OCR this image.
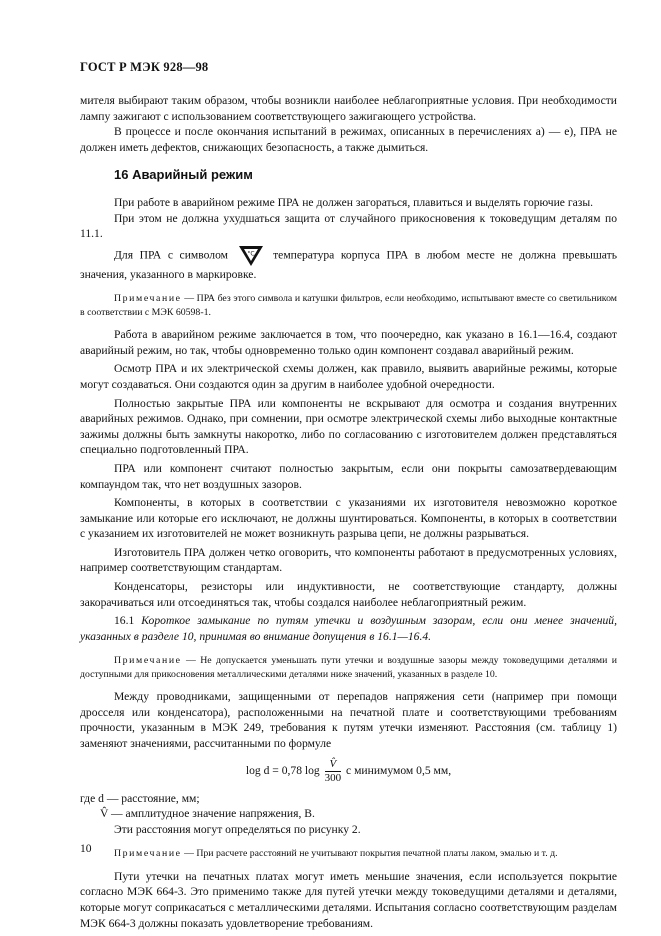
ГОСТ Р МЭК 928—98

мителя выбирают таким образом, чтобы возникли наиболее неблагоприятные условия. При необходимости лампу зажигают с использованием соответствующего зажигающего устройства.

В процессе и после окончания испытаний в режимах, описанных в перечислениях а) — е), ПРА не должен иметь дефектов, снижающих безопасность, а также дымиться.

16 Аварийный режим

При работе в аварийном режиме ПРА не должен загораться, плавиться и выделять горючие газы.

При этом не должна ухудшаться защита от случайного прикосновения к токоведущим деталям по 11.1.

Для ПРА с символом	°C температура корпуса ПРА в любом месте не должна превышать значения, указанного в маркировке.

Примечание — ПРА без этого символа и катушки фильтров, если необходимо, испытывают вместе со светильником в соответствии с МЭК 60598-1.

Работа в аварийном режиме заключается в том, что поочередно, как указано в 16.1—16.4, создают аварийный режим, но так, чтобы одновременно только один компонент создавал аварийный режим.

Осмотр ПРА и их электрической схемы должен, как правило, выявить аварийные режимы, которые могут создаваться. Они создаются один за другим в наиболее удобной очередности.

Полностью закрытые ПРА или компоненты не вскрывают для осмотра и создания внутренних аварийных режимов. Однако, при сомнении, при осмотре электрической схемы либо выходные контактные зажимы должны быть замкнуты накоротко, либо по согласованию с изготовителем должен представляться специально подготовленный ПРА.

ПРА или компонент считают полностью закрытым, если они покрыты самозатвердевающим компаундом так, что нет воздушных зазоров.

Компоненты, в которых в соответствии с указаниями их изготовителя невозможно короткое замыкание или которые его исключают, не должны шунтироваться. Компоненты, в которых в соответствии с указанием их изготовителей не может возникнуть разрыва цепи, не должны разрываться.

Изготовитель ПРА должен четко оговорить, что компоненты работают в предусмотренных условиях, например соответствующим стандартам.

Конденсаторы, резисторы или индуктивности, не соответствующие стандарту, должны закорачиваться или отсоединяться так, чтобы создался наиболее неблагоприятный режим.

16.1 Короткое замыкание по путям утечки и воздушным зазорам, если они менее значений, указанных в разделе 10, принимая во внимание допущения в 16.1—16.4.

Примечание — Не допускается уменьшать пути утечки и воздушные зазоры между токоведущими деталями и доступными для прикосновения металлическими деталями ниже значений, указанных в разделе 10.

Между проводниками, защищенными от перепадов напряжения сети (например при помощи дросселя или конденсатора), расположенными на печатной плате и соответствующими требованиям прочности, указанным в МЭК 249, требования к путям утечки изменяют. Расстояния (см. таблицу 1) заменяют значениями, рассчитанными по формуле

log d = 0,78 $\log \frac{V̂}{300}$ с минимумом 0,5 мм,

где d — расстояние, мм;

V̂ — амплитудное значение напряжения, В.

Эти расстояния могут определяться по рисунку 2.

Примечание — При расчете расстояний не учитывают покрытия печатной платы лаком, эмалью и т. д.

Пути утечки на печатных платах могут иметь меньшие значения, если используется покрытие согласно МЭК 664-3. Это применимо также для путей утечки между токоведущими деталями и деталями, которые могут соприкасаться с металлическими деталями. Испытания согласно соответствующим разделам МЭК 664-3 должны показать удовлетворение требованиям.

10
